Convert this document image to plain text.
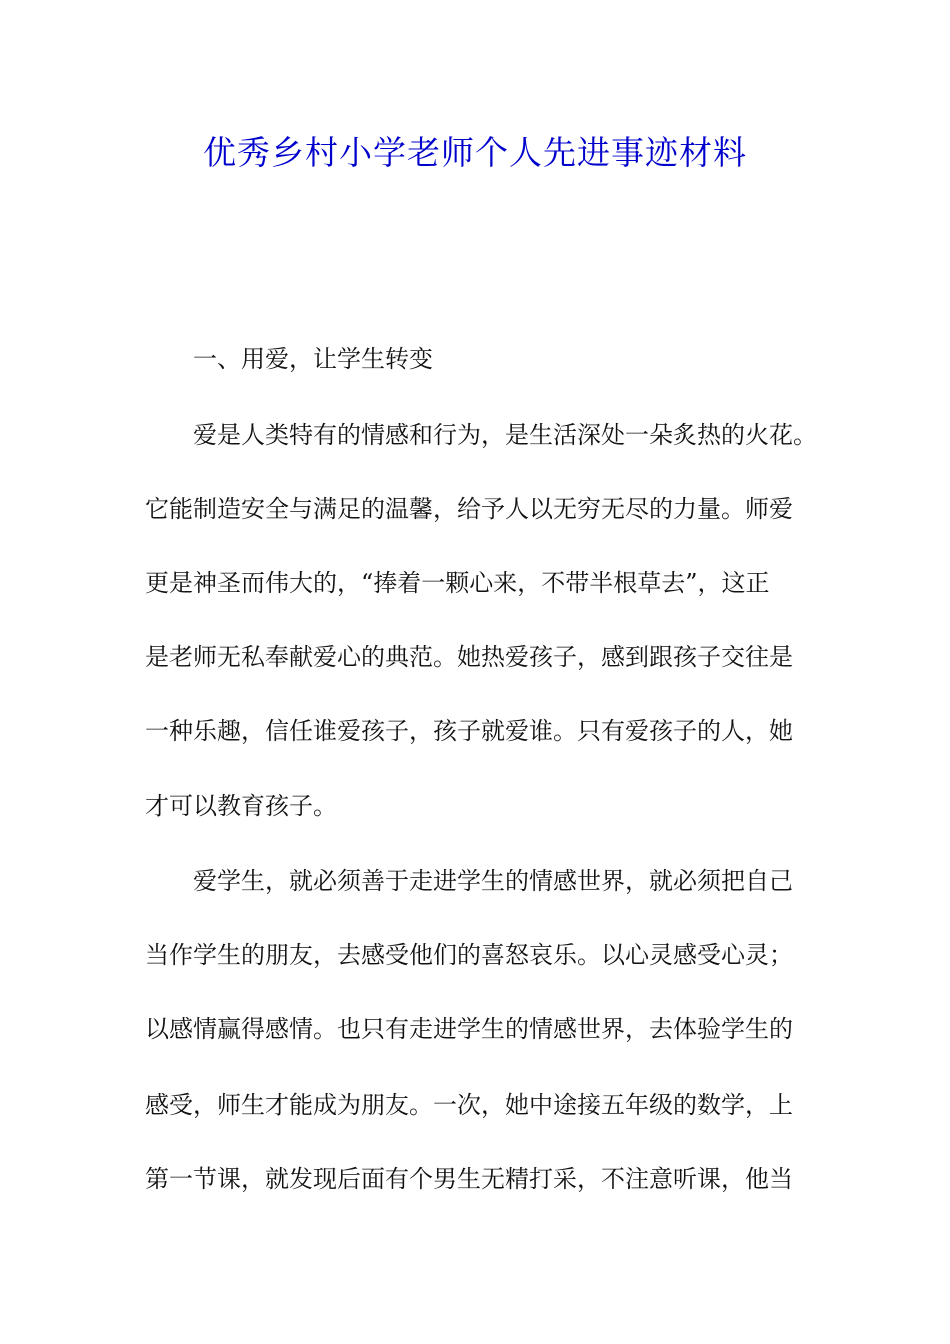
优秀乡村小学老师个人先进事迹材料

一、用爱，让学生转变

爱是人类特有的情感和行为，是生活深处一朵炙热的火花。

它能制造安全与满足的温馨，给予人以无穷无尽的力量。师爱

更是神圣而伟大的，“捧着一颗心来，不带半根草去”，这正

是老师无私奉献爱心的典范。她热爱孩子，感到跟孩子交往是

一种乐趣，信任谁爱孩子，孩子就爱谁。只有爱孩子的人，她

才可以教育孩子。

爱学生，就必须善于走进学生的情感世界，就必须把自己

当作学生的朋友，去感受他们的喜怒哀乐。以心灵感受心灵；

以感情赢得感情。也只有走进学生的情感世界，去体验学生的

感受，师生才能成为朋友。一次，她中途接五年级的数学，上

第一节课，就发现后面有个男生无精打采，不注意听课，他当
